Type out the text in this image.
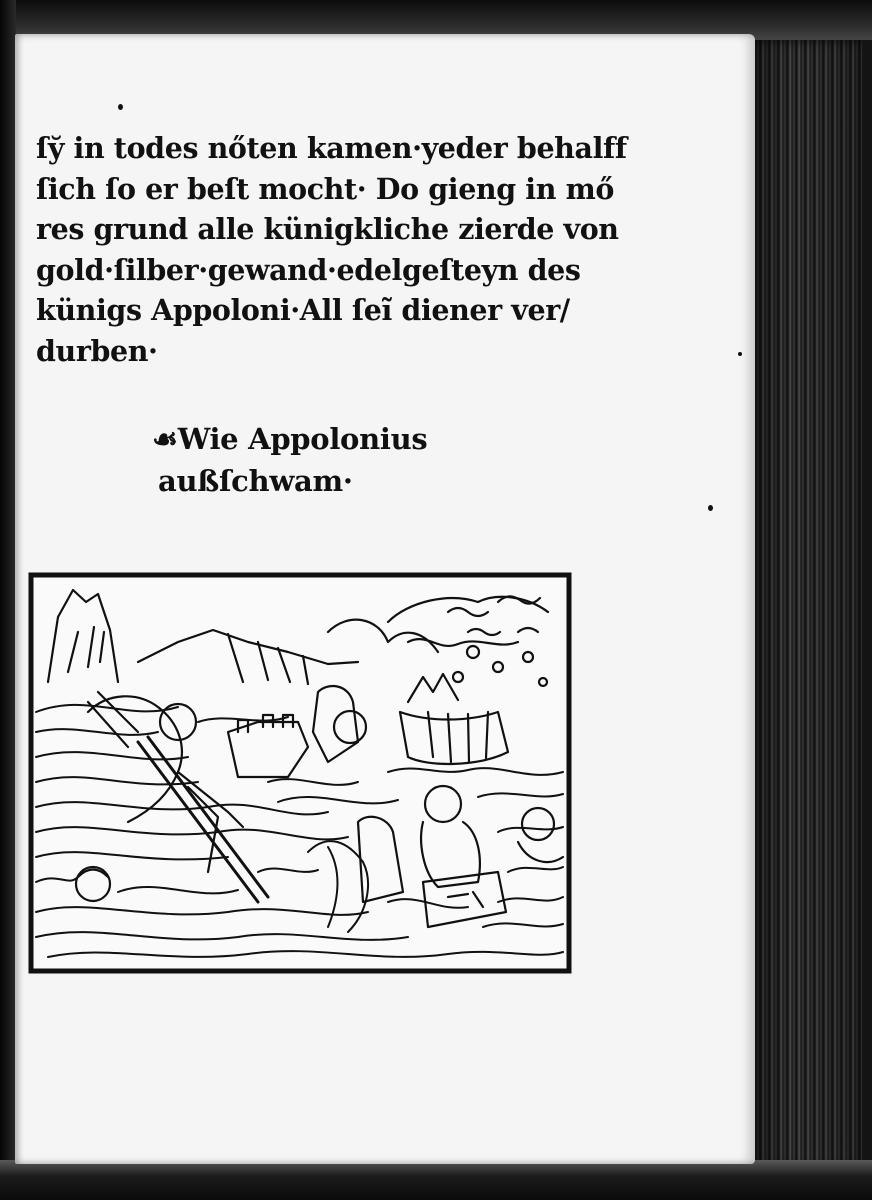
ſy̆ in todes nőten kamen·yeder behalff
ſich ſo er beſt mocht· Do gieng in mő
res grund alle künigkliche zierde von
gold·ſilber·gewand·edelgeſteyn des
künigs Appoloni·All ſeĩ diener ver/
durben·
☙Wie Appolonius
außſchwam·
